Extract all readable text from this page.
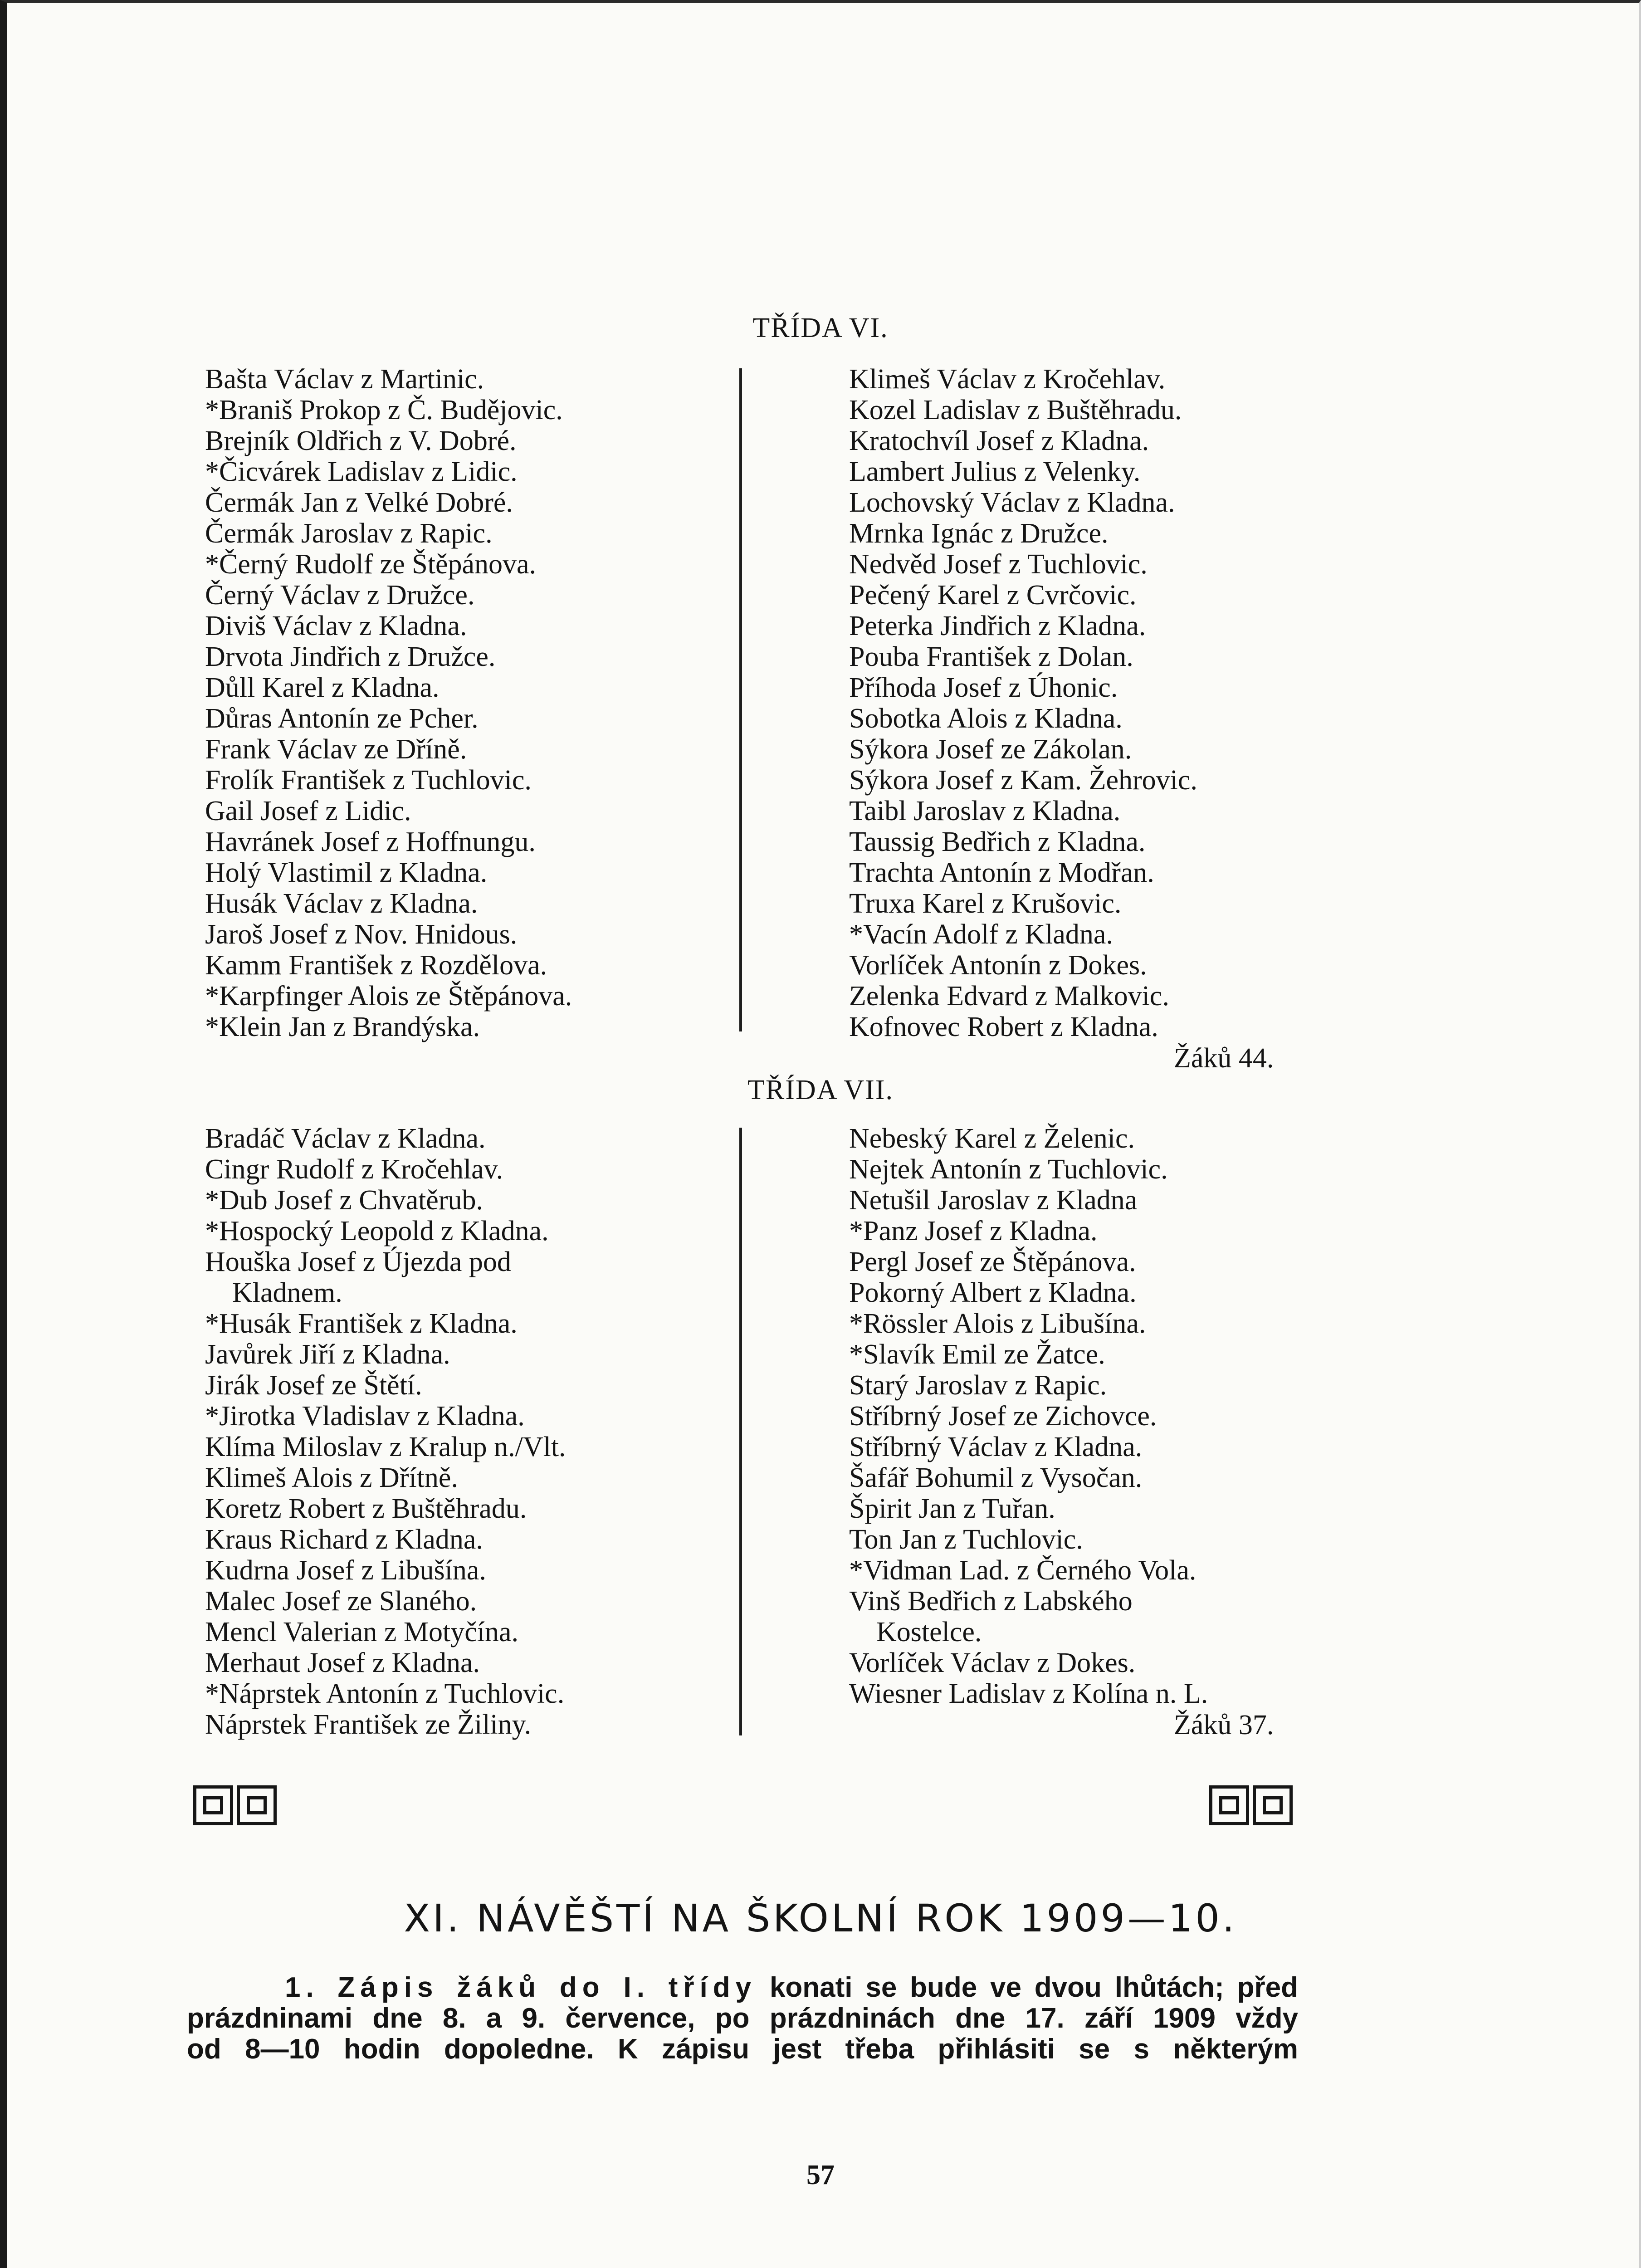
TŘÍDA VI.
Bašta Václav z Martinic.
*Braniš Prokop z Č. Budějovic.
Brejník Oldřich z V. Dobré.
*Čicvárek Ladislav z Lidic.
Čermák Jan z Velké Dobré.
Čermák Jaroslav z Rapic.
*Černý Rudolf ze Štěpánova.
Černý Václav z Družce.
Diviš Václav z Kladna.
Drvota Jindřich z Družce.
Důll Karel z Kladna.
Důras Antonín ze Pcher.
Frank Václav ze Dříně.
Frolík František z Tuchlovic.
Gail Josef z Lidic.
Havránek Josef z Hoffnungu.
Holý Vlastimil z Kladna.
Husák Václav z Kladna.
Jaroš Josef z Nov. Hnidous.
Kamm František z Rozdělova.
*Karpfinger Alois ze Štěpánova.
*Klein Jan z Brandýska.
Klimeš Václav z Kročehlav.
Kozel Ladislav z Buštěhradu.
Kratochvíl Josef z Kladna.
Lambert Julius z Velenky.
Lochovský Václav z Kladna.
Mrnka Ignác z Družce.
Nedvěd Josef z Tuchlovic.
Pečený Karel z Cvrčovic.
Peterka Jindřich z Kladna.
Pouba František z Dolan.
Příhoda Josef z Úhonic.
Sobotka Alois z Kladna.
Sýkora Josef ze Zákolan.
Sýkora Josef z Kam. Žehrovic.
Taibl Jaroslav z Kladna.
Taussig Bedřich z Kladna.
Trachta Antonín z Modřan.
Truxa Karel z Krušovic.
*Vacín Adolf z Kladna.
Vorlíček Antonín z Dokes.
Zelenka Edvard z Malkovic.
Kofnovec Robert z Kladna.
Žáků 44.
TŘÍDA VII.
Bradáč Václav z Kladna.
Cingr Rudolf z Kročehlav.
*Dub Josef z Chvatěrub.
*Hospocký Leopold z Kladna.
Houška Josef z Újezda pod
Kladnem.
*Husák František z Kladna.
Javůrek Jiří z Kladna.
Jirák Josef ze Štětí.
*Jirotka Vladislav z Kladna.
Klíma Miloslav z Kralup n./Vlt.
Klimeš Alois z Dřítně.
Koretz Robert z Buštěhradu.
Kraus Richard z Kladna.
Kudrna Josef z Libušína.
Malec Josef ze Slaného.
Mencl Valerian z Motyčína.
Merhaut Josef z Kladna.
*Náprstek Antonín z Tuchlovic.
Náprstek František ze Žiliny.
Nebeský Karel z Želenic.
Nejtek Antonín z Tuchlovic.
Netušil Jaroslav z Kladna
*Panz Josef z Kladna.
Pergl Josef ze Štěpánova.
Pokorný Albert z Kladna.
*Rössler Alois z Libušína.
*Slavík Emil ze Žatce.
Starý Jaroslav z Rapic.
Stříbrný Josef ze Zichovce.
Stříbrný Václav z Kladna.
Šafář Bohumil z Vysočan.
Špirit Jan z Tuřan.
Ton Jan z Tuchlovic.
*Vidman Lad. z Černého Vola.
Vinš Bedřich z Labského
Kostelce.
Vorlíček Václav z Dokes.
Wiesner Ladislav z Kolína n. L.
Žáků 37.
XI. NÁVĚŠTÍ NA ŠKOLNÍ ROK 1909—10.
1. Zápis žáků do I. třídy konati se bude ve dvou lhůtách; před
prázdninami dne 8. a 9. července, po prázdninách dne 17. září 1909 vždy
od 8—10 hodin dopoledne. K zápisu jest třeba přihlásiti se s některým
57
